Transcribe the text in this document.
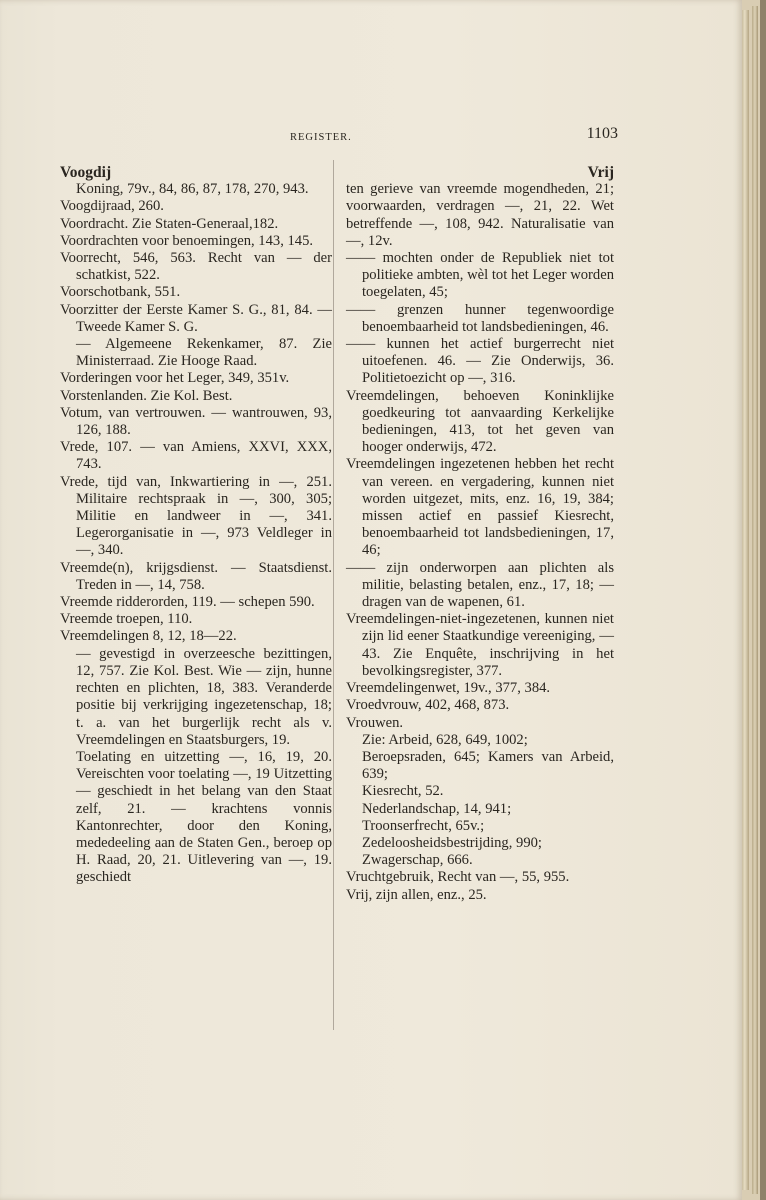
REGISTER.	1103

Voogdij

Koning, 79v., 84, 86, 87, 178, 270, 943.

Voogdijraad, 260.

Voordracht. Zie Staten-Generaal,182.

Voordrachten voor benoemingen, 143, 145.

Voorrecht, 546, 563. Recht van — der schatkist, 522.

Voorschotbank, 551.

Voorzitter der Eerste Kamer S. G., 81, 84. — Tweede Kamer S. G.

— Algemeene Rekenkamer, 87. Zie Ministerraad. Zie Hooge Raad.

Vorderingen voor het Leger, 349, 351v.

Vorstenlanden. Zie Kol. Best.

Votum, van vertrouwen. — wantrouwen, 93, 126, 188.

Vrede, 107. — van Amiens, XXVI, XXX, 743.

Vrede, tijd van, Inkwartiering in —, 251. Militaire rechtspraak in —, 300, 305; Militie en landweer in —, 341. Legerorganisatie in —, 973 Veldleger in —, 340.

Vreemde(n), krijgsdienst. — Staatsdienst. Treden in —, 14, 758.

Vreemde ridderorden, 119. — schepen 590.

Vreemde troepen, 110.

Vreemdelingen 8, 12, 18—22.

— gevestigd in overzeesche bezittingen, 12, 757. Zie Kol. Best. Wie — zijn, hunne rechten en plichten, 18, 383. Veranderde positie bij verkrijging ingezetenschap, 18; t. a. van het burgerlijk recht als v. Vreemdelingen en Staatsburgers, 19.

Toelating en uitzetting —, 16, 19, 20. Vereischten voor toelating —, 19 Uitzetting — geschiedt in het belang van den Staat zelf, 21. — krachtens vonnis Kantonrechter, door den Koning, mededeeling aan de Staten Gen., beroep op H. Raad, 20, 21. Uitlevering van —, 19. geschiedt

Vrij

ten gerieve van vreemde mogendheden, 21; voorwaarden, verdragen —, 21, 22. Wet betreffende —, 108, 942. Naturalisatie van —, 12v.

—— mochten onder de Republiek niet tot politieke ambten, wèl tot het Leger worden toegelaten, 45;

—— grenzen hunner tegenwoordige benoembaarheid tot landsbedieningen, 46.

—— kunnen het actief burgerrecht niet uitoefenen. 46. — Zie Onderwijs, 36. Politietoezicht op —, 316.

Vreemdelingen, behoeven Koninklijke goedkeuring tot aanvaarding Kerkelijke bedieningen, 413, tot het geven van hooger onderwijs, 472.

Vreemdelingen ingezetenen hebben het recht van vereen. en vergadering, kunnen niet worden uitgezet, mits, enz. 16, 19, 384; missen actief en passief Kiesrecht, benoembaarheid tot landsbedieningen, 17, 46;

—— zijn onderworpen aan plichten als militie, belasting betalen, enz., 17, 18; — dragen van de wapenen, 61.

Vreemdelingen-niet-ingezetenen, kunnen niet zijn lid eener Staatkundige vereeniging, — 43. Zie Enquête, inschrijving in het bevolkingsregister, 377.

Vreemdelingenwet, 19v., 377, 384.

Vroedvrouw, 402, 468, 873.

Vrouwen.

Zie: Arbeid, 628, 649, 1002;

Beroepsraden, 645; Kamers van Arbeid, 639;

Kiesrecht, 52.

Nederlandschap, 14, 941;

Troonserfrecht, 65v.;

Zedeloosheidsbestrijding, 990;

Zwagerschap, 666.

Vruchtgebruik, Recht van —, 55, 955.

Vrij, zijn allen, enz., 25.
